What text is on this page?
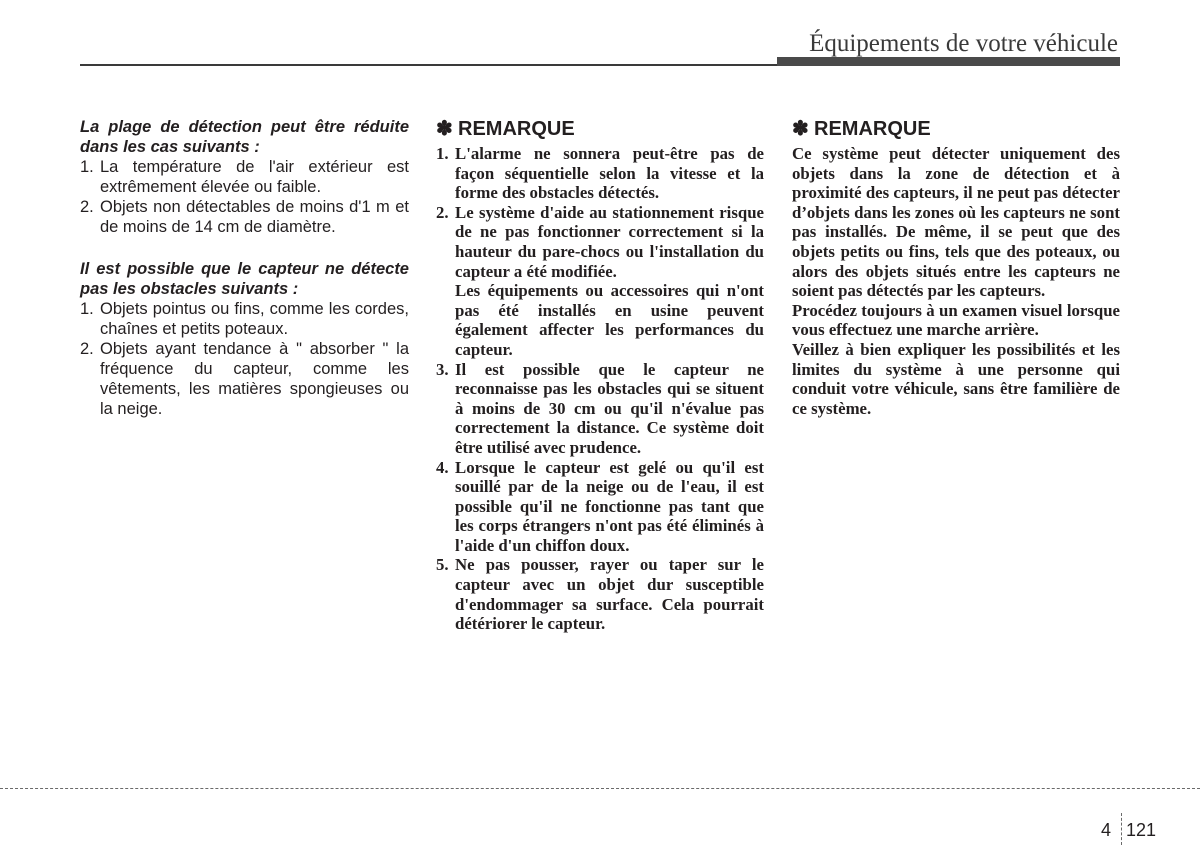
Équipements de votre véhicule
La plage de détection peut être réduite dans les cas suivants :
1. La température de l'air extérieur est extrêmement élevée ou faible.
2. Objets non détectables de moins d'1 m et de moins de 14 cm de diamètre.
Il est possible que le capteur ne détecte pas les obstacles suivants :
1. Objets pointus ou fins, comme les cordes, chaînes et petits poteaux.
2. Objets ayant tendance à " absorber " la fréquence du capteur, comme les vêtements, les matières spongieuses ou la neige.
✽ REMARQUE
1. L'alarme ne sonnera peut-être pas de façon séquentielle selon la vitesse et la forme des obstacles détectés.
2. Le système d'aide au stationnement risque de ne pas fonctionner correctement si la hauteur du pare-chocs ou l'installation du capteur a été modifiée.
Les équipements ou accessoires qui n'ont pas été installés en usine peuvent également affecter les performances du capteur.
3. Il est possible que le capteur ne reconnaisse pas les obstacles qui se situent à moins de 30 cm ou qu'il n'évalue pas correctement la distance. Ce système doit être utilisé avec prudence.
4. Lorsque le capteur est gelé ou qu'il est souillé par de la neige ou de l'eau, il est possible qu'il ne fonctionne pas tant que les corps étrangers n'ont pas été éliminés à l'aide d'un chiffon doux.
5. Ne pas pousser, rayer ou taper sur le capteur avec un objet dur susceptible d'endommager sa surface. Cela pourrait détériorer le capteur.
✽ REMARQUE

Ce système peut détecter uniquement des objets dans la zone de détection et à proximité des capteurs, il ne peut pas détecter d’objets dans les zones où les capteurs ne sont pas installés. De même, il se peut que des objets petits ou fins, tels que des poteaux, ou alors des objets situés entre les capteurs ne soient pas détectés par les capteurs.

Procédez toujours à un examen visuel lorsque vous effectuez une marche arrière.

Veillez à bien expliquer les possibilités et les limites du système à une personne qui conduit votre véhicule, sans être familière de ce système.

4 121
